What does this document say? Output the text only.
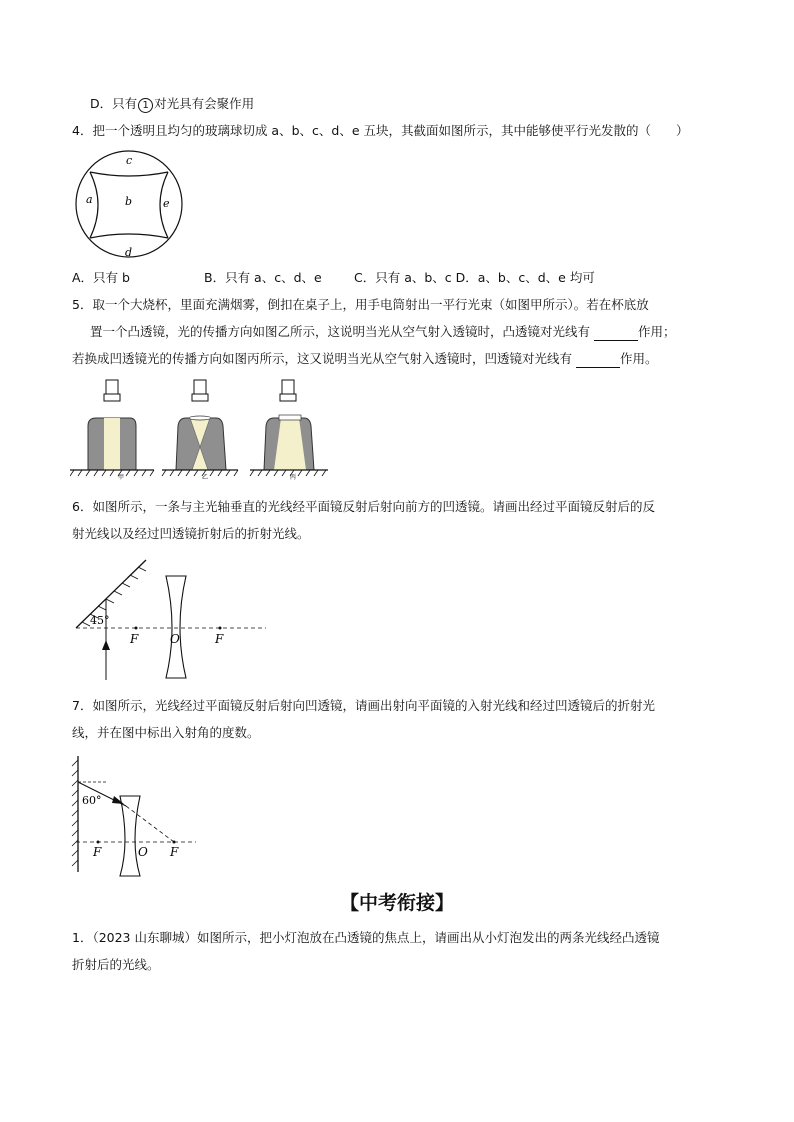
D．只有 1 对光具有会聚作用
4．把一个透明且均匀的玻璃球切成 a、b、c、d、e 五块，其截面如图所示，其中能够使平行光发散的（　　）
c
a	b	e
d
A．只有 b	B．只有 a、c、d、e	C．只有 a、b、c D．a、b、c、d、e 均可
5．取一个大烧杯，里面充满烟雾，倒扣在桌子上，用手电筒射出一平行光束（如图甲所示）。若在杯底放
置一个凸透镜，光的传播方向如图乙所示，这说明当光从空气射入透镜时，凸透镜对光线有	作用；
若换成凹透镜光的传播方向如图丙所示，这又说明当光从空气射入透镜时，凹透镜对光线有	作用。
甲	乙	丙
6．如图所示，一条与主光轴垂直的光线经平面镜反射后射向前方的凹透镜。请画出经过平面镜反射后的反
射光线以及经过凹透镜折射后的折射光线。
45°
F	O	F
7．如图所示，光线经过平面镜反射后射向凹透镜，请画出射向平面镜的入射光线和经过凹透镜后的折射光
线，并在图中标出入射角的度数。
60°
F	O F
【中考衔接】
1．（2023 山东聊城）如图所示，把小灯泡放在凸透镜的焦点上，请画出从小灯泡发出的两条光线经凸透镜
折射后的光线。
